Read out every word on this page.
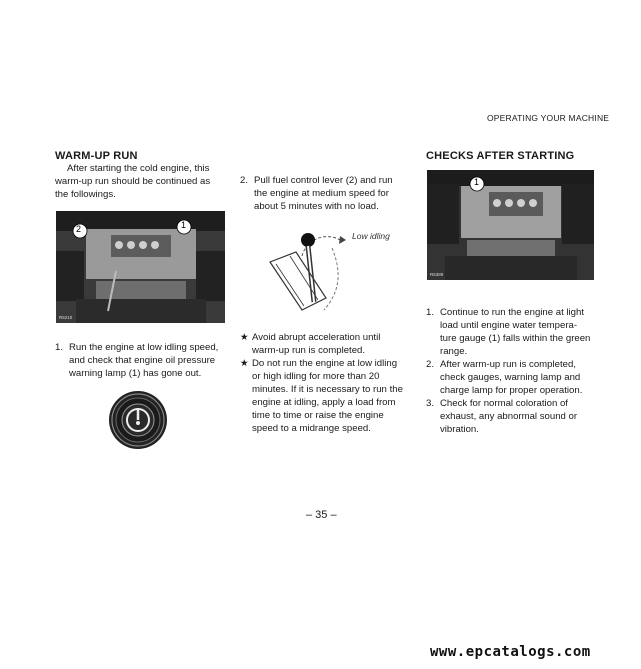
OPERATING YOUR MACHINE
WARM-UP RUN
After starting the cold engine, this
warm-up run should be continued as
the followings.
2	1
R5210
1. Run the engine at low idling speed,
and check that engine oil pressure
warning lamp (1) has gone out.
2. Pull fuel control lever (2) and run
the engine at medium speed for
about 5 minutes with no load.
Low idling
★ Avoid abrupt acceleration until
warm-up run is completed.
★ Do not run the engine at low idling
or high idling for more than 20
minutes. If it is necessary to run the
engine at idling, apply a load from
time to time or raise the engine
speed to a midrange speed.
CHECKS AFTER STARTING
1
R5389
1. Continue to run the engine at light
load until engine water tempera-
ture gauge (1) falls within the green
range.
2. After warm-up run is completed,
check gauges, warning lamp and
charge lamp for proper operation.
3. Check for normal coloration of
exhaust, any abnormal sound or
vibration.
– 35 –
www.epcatalogs.com
